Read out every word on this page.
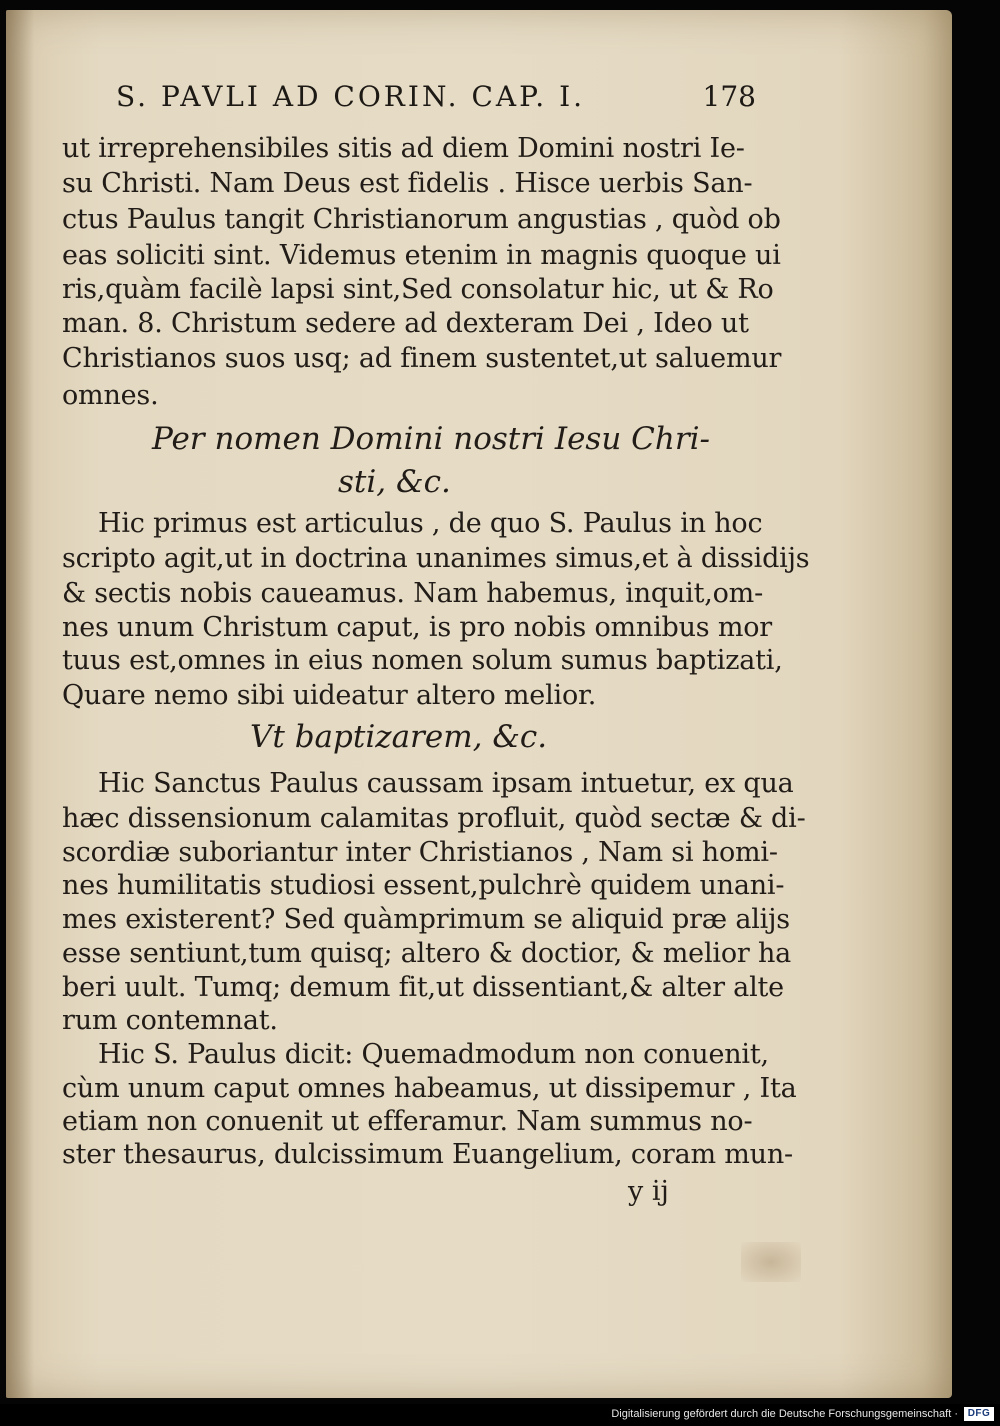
S. PAVLI AD CORIN. CAP. I.	178
ut irreprehensibiles sitis ad diem Domini nostri Ie-
su Christi. Nam Deus est fidelis . Hisce uerbis San-
ctus Paulus tangit Christianorum angustias , quòd ob
eas soliciti sint. Videmus etenim in magnis quoque ui
ris,quàm facilè lapsi sint,Sed consolatur hic, ut & Ro
man. 8. Christum sedere ad dexteram Dei , Ideo ut
Christianos suos usq; ad finem sustentet,ut saluemur
omnes.
Per nomen Domini nostri Iesu Chri-
sti, &c.
Hic primus est articulus , de quo S. Paulus in hoc
scripto agit,ut in doctrina unanimes simus,et à dissidijs
& sectis nobis caueamus. Nam habemus, inquit,om-
nes unum Christum caput, is pro nobis omnibus mor
tuus est,omnes in eius nomen solum sumus baptizati,
Quare nemo sibi uideatur altero melior.
Vt baptizarem, &c.
Hic Sanctus Paulus caussam ipsam intuetur, ex qua
hæc dissensionum calamitas profluit, quòd sectæ & di-
scordiæ suboriantur inter Christianos , Nam si homi-
nes humilitatis studiosi essent,pulchrè quidem unani-
mes existerent? Sed quàmprimum se aliquid præ alijs
esse sentiunt,tum quisq; altero & doctior, & melior ha
beri uult. Tumq; demum fit,ut dissentiant,& alter alte
rum contemnat.
Hic S. Paulus dicit: Quemadmodum non conuenit,
cùm unum caput omnes habeamus, ut dissipemur , Ita
etiam non conuenit ut efferamur. Nam summus no-
ster thesaurus, dulcissimum Euangelium, coram mun-
y ij
Digitalisierung gefördert durch die Deutsche Forschungsgemeinschaft · DFG
